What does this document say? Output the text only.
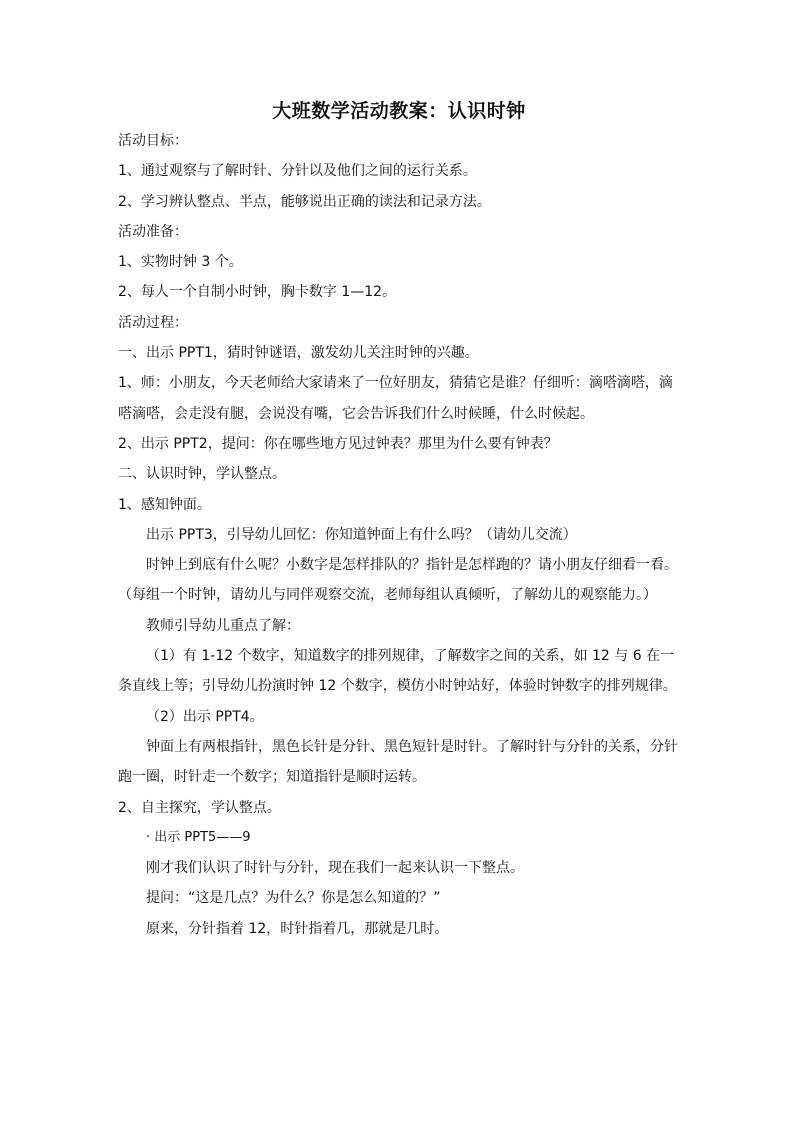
大班数学活动教案：认识时钟

活动目标：

1、通过观察与了解时针、分针以及他们之间的运行关系。

2、学习辨认整点、半点，能够说出正确的读法和记录方法。

活动准备：

1、实物时钟 3 个。

2、每人一个自制小时钟，胸卡数字 1—12。

活动过程：

一、出示 PPT1，猜时钟谜语，激发幼儿关注时钟的兴趣。

1、师：小朋友，今天老师给大家请来了一位好朋友，猜猜它是谁？仔细听：滴嗒滴嗒，滴嗒滴嗒，会走没有腿，会说没有嘴，它会告诉我们什么时候睡，什么时候起。

2、出示 PPT2，提问：你在哪些地方见过钟表？那里为什么要有钟表？

二、认识时钟，学认整点。

1、感知钟面。

出示 PPT3，引导幼儿回忆：你知道钟面上有什么吗？（请幼儿交流）

时钟上到底有什么呢？小数字是怎样排队的？指针是怎样跑的？请小朋友仔细看一看。（每组一个时钟，请幼儿与同伴观察交流，老师每组认真倾听，了解幼儿的观察能力。）

教师引导幼儿重点了解：

（1）有 1-12 个数字，知道数字的排列规律，了解数字之间的关系，如 12 与 6 在一条直线上等；引导幼儿扮演时钟 12 个数字，模仿小时钟站好，体验时钟数字的排列规律。

（2）出示 PPT4。

钟面上有两根指针，黑色长针是分针、黑色短针是时针。了解时针与分针的关系，分针跑一圈，时针走一个数字；知道指针是顺时运转。

2、自主探究，学认整点。

· 出示 PPT5——9

刚才我们认识了时针与分针，现在我们一起来认识一下整点。

提问：“这是几点？为什么？你是怎么知道的？”

原来，分针指着 12，时针指着几，那就是几时。
